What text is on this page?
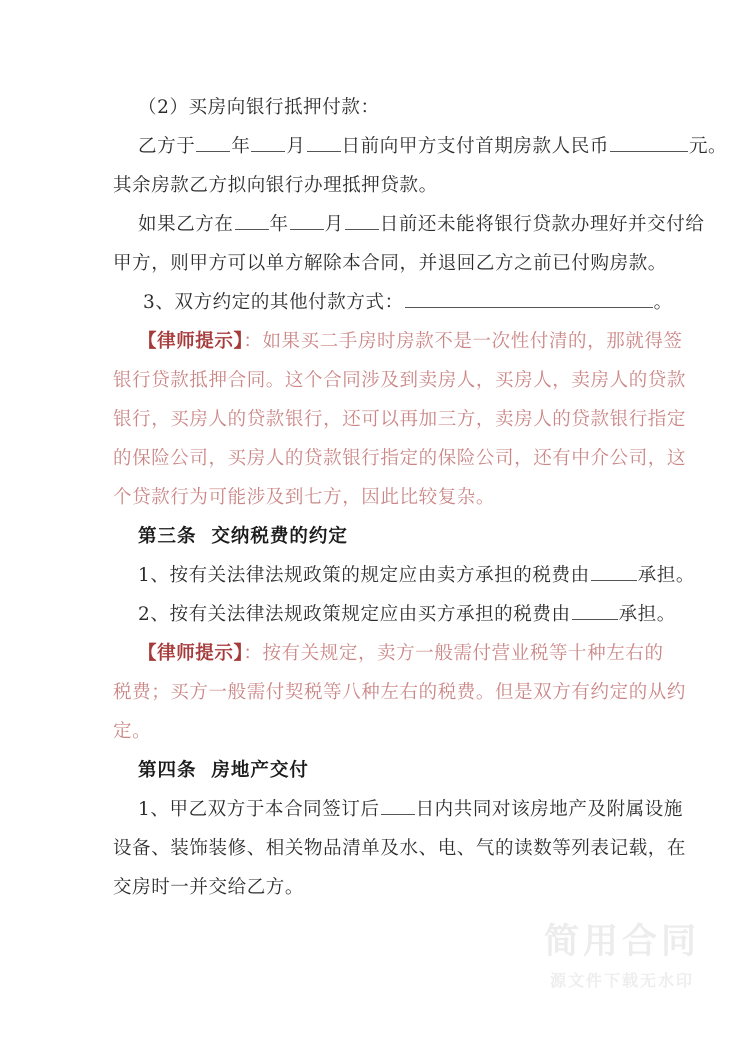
简用合同
源文件下载无水印
（2）买房向银行抵押付款：
乙方于 年 月 日前向甲方支付首期房款人民币	元。
其余房款乙方拟向银行办理抵押贷款。
如果乙方在 年 月 日前还未能将银行贷款办理好并交付给
甲方，则甲方可以单方解除本合同，并退回乙方之前已付购房款。
3、双方约定的其他付款方式：	。
【律师提示】：如果买二手房时房款不是一次性付清的，那就得签
银行贷款抵押合同。这个合同涉及到卖房人，买房人，卖房人的贷款
银行，买房人的贷款银行，还可以再加三方，卖房人的贷款银行指定
的保险公司，买房人的贷款银行指定的保险公司，还有中介公司，这
个贷款行为可能涉及到七方，因此比较复杂。
第三条 交纳税费的约定
1、按有关法律法规政策的规定应由卖方承担的税费由	承担。
2、按有关法律法规政策规定应由买方承担的税费由	承担。
【律师提示】：按有关规定，卖方一般需付营业税等十种左右的
税费；买方一般需付契税等八种左右的税费。但是双方有约定的从约
定。
第四条 房地产交付
1、甲乙双方于本合同签订后 日内共同对该房地产及附属设施
设备、装饰装修、相关物品清单及水、电、气的读数等列表记载，在
交房时一并交给乙方。
